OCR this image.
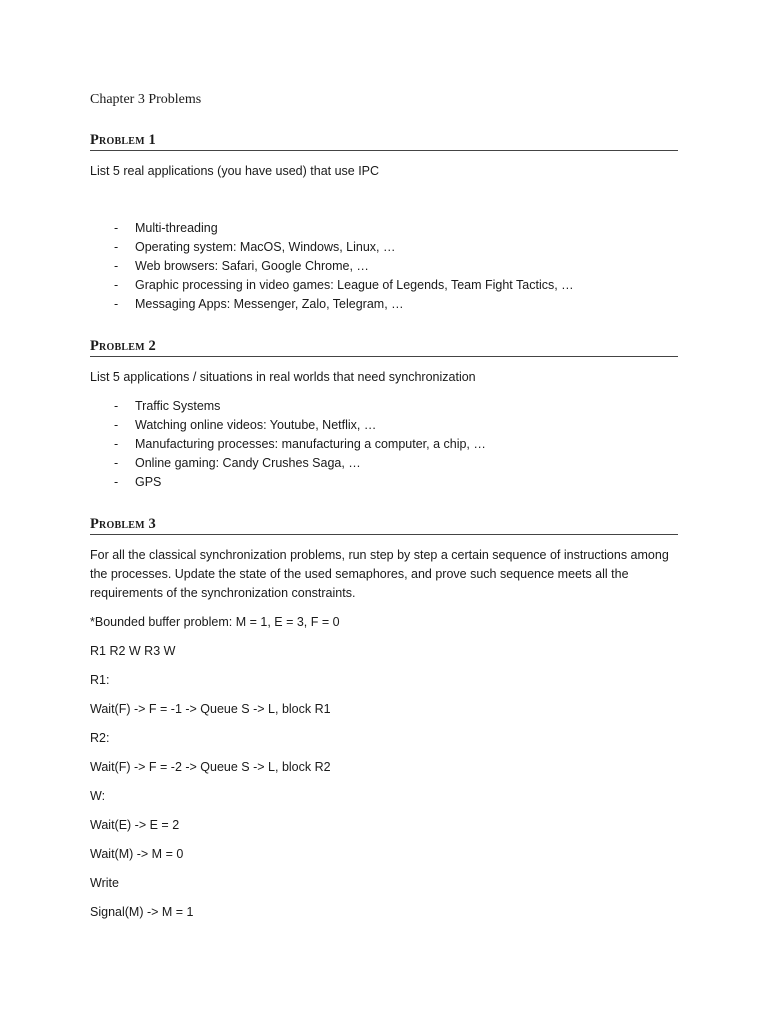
Chapter 3 Problems

Problem 1

List 5 real applications (you have used) that use IPC

- Multi-threading
- Operating system: MacOS, Windows, Linux, …
- Web browsers: Safari, Google Chrome, …
- Graphic processing in video games: League of Legends, Team Fight Tactics, …
- Messaging Apps: Messenger, Zalo, Telegram, …
Problem 2

List 5 applications / situations in real worlds that need synchronization

- Traffic Systems
- Watching online videos: Youtube, Netflix, …
- Manufacturing processes: manufacturing a computer, a chip, …
- Online gaming: Candy Crushes Saga, …
- GPS
Problem 3

For all the classical synchronization problems, run step by step a certain sequence of instructions among the processes. Update the state of the used semaphores, and prove such sequence meets all the requirements of the synchronization constraints.

*Bounded buffer problem: M = 1, E = 3, F = 0

R1 R2 W R3 W

R1:

Wait(F) -> F = -1 -> Queue S -> L, block R1

R2:

Wait(F) -> F = -2 -> Queue S -> L, block R2

W:

Wait(E) -> E = 2

Wait(M) -> M = 0

Write

Signal(M) -> M = 1
